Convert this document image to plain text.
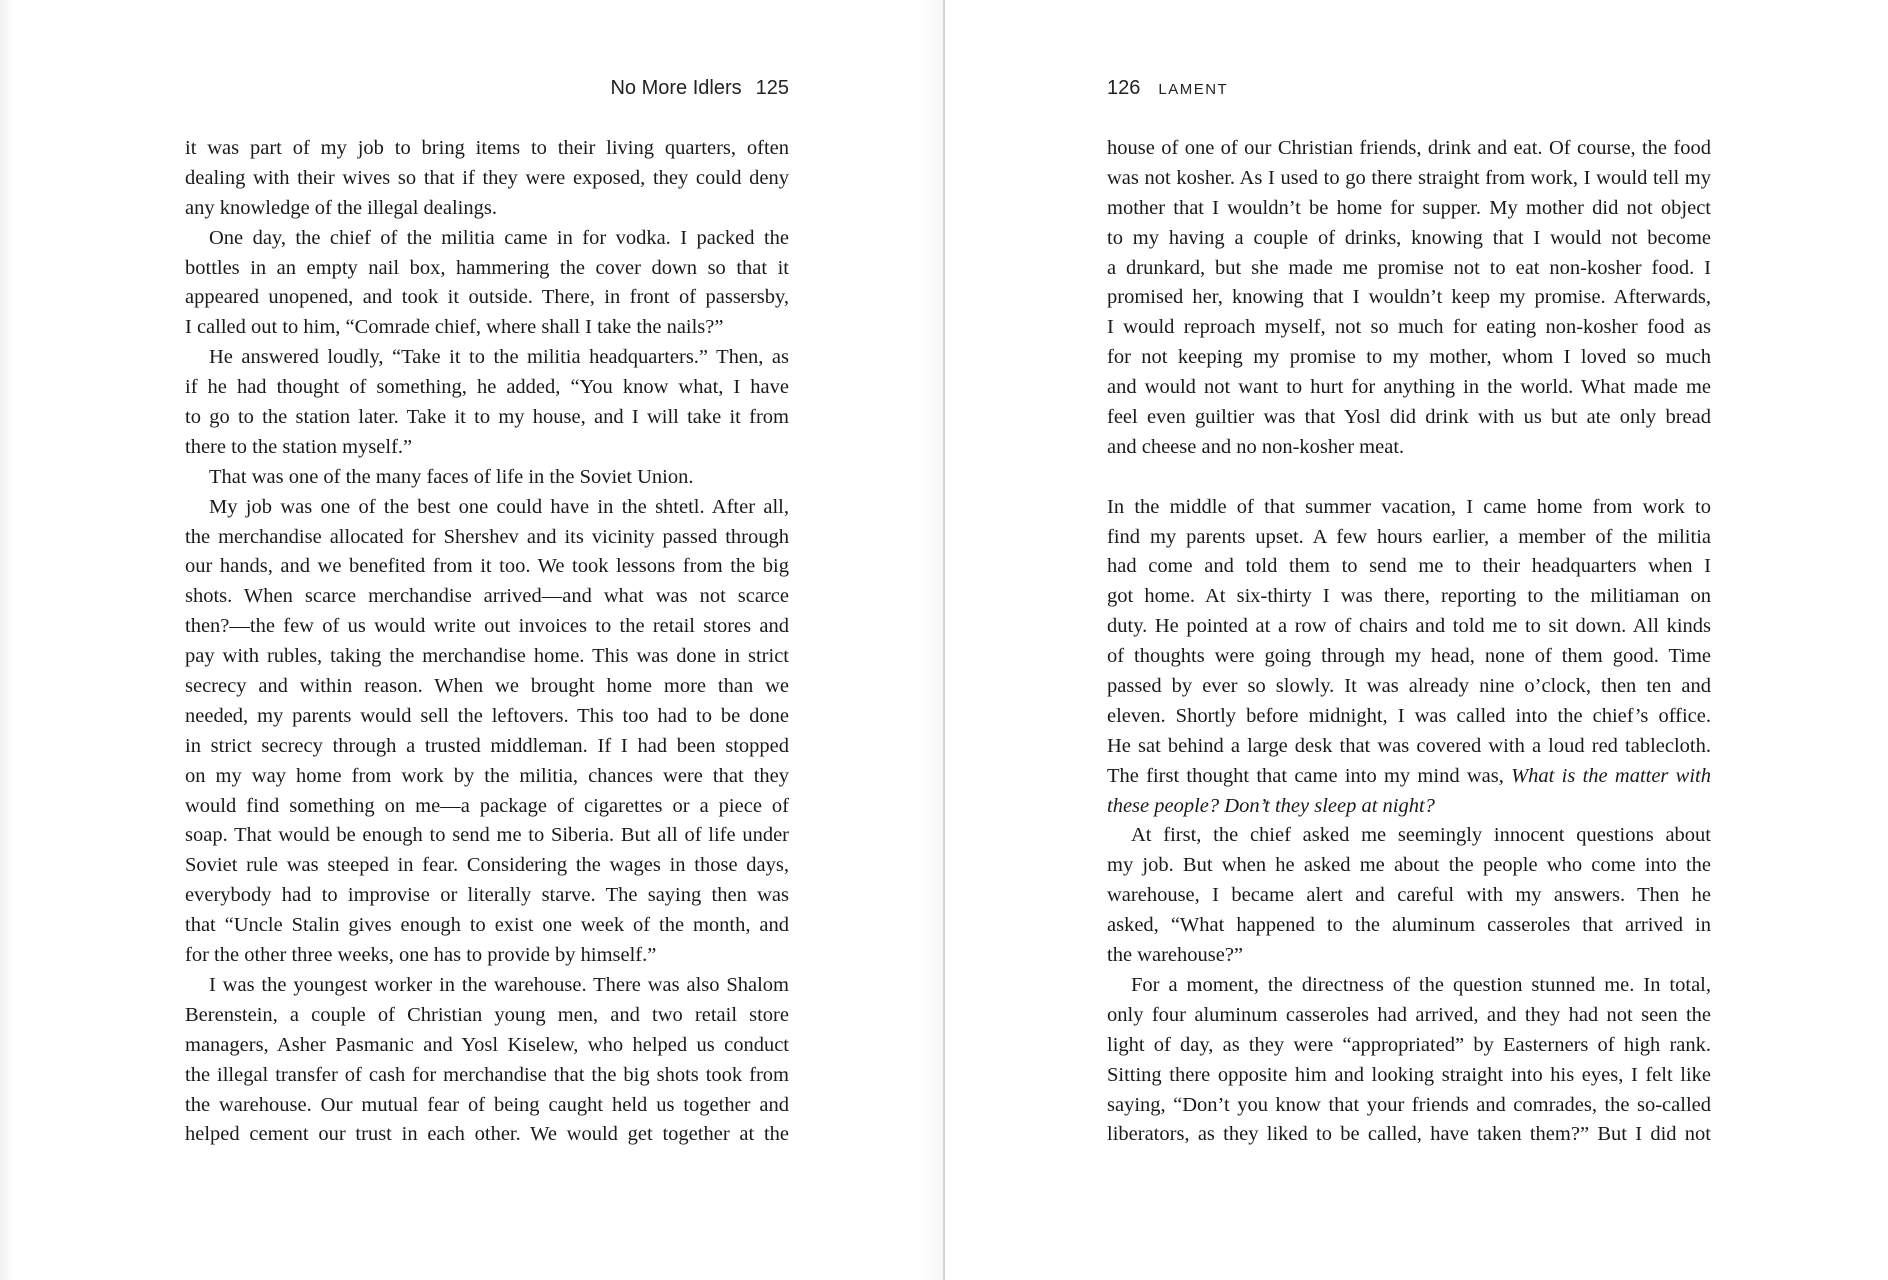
No More Idlers 125
it was part of my job to bring items to their living quarters, often
dealing with their wives so that if they were exposed, they could deny
any knowledge of the illegal dealings.
One day, the chief of the militia came in for vodka. I packed the
bottles in an empty nail box, hammering the cover down so that it
appeared unopened, and took it outside. There, in front of passersby,
I called out to him, “Comrade chief, where shall I take the nails?”
He answered loudly, “Take it to the militia headquarters.” Then, as
if he had thought of something, he added, “You know what, I have
to go to the station later. Take it to my house, and I will take it from
there to the station myself.”
That was one of the many faces of life in the Soviet Union.
My job was one of the best one could have in the shtetl. After all,
the merchandise allocated for Shershev and its vicinity passed through
our hands, and we benefited from it too. We took lessons from the big
shots. When scarce merchandise arrived—and what was not scarce
then?—the few of us would write out invoices to the retail stores and
pay with rubles, taking the merchandise home. This was done in strict
secrecy and within reason. When we brought home more than we
needed, my parents would sell the leftovers. This too had to be done
in strict secrecy through a trusted middleman. If I had been stopped
on my way home from work by the militia, chances were that they
would find something on me—a package of cigarettes or a piece of
soap. That would be enough to send me to Siberia. But all of life under
Soviet rule was steeped in fear. Considering the wages in those days,
everybody had to improvise or literally starve. The saying then was
that “Uncle Stalin gives enough to exist one week of the month, and
for the other three weeks, one has to provide by himself.”
I was the youngest worker in the warehouse. There was also Shalom
Berenstein, a couple of Christian young men, and two retail store
managers, Asher Pasmanic and Yosl Kiselew, who helped us conduct
the illegal transfer of cash for merchandise that the big shots took from
the warehouse. Our mutual fear of being caught held us together and
helped cement our trust in each other. We would get together at the
126 LAMENT
house of one of our Christian friends, drink and eat. Of course, the food
was not kosher. As I used to go there straight from work, I would tell my
mother that I wouldn’t be home for supper. My mother did not object
to my having a couple of drinks, knowing that I would not become
a drunkard, but she made me promise not to eat non-kosher food. I
promised her, knowing that I wouldn’t keep my promise. Afterwards,
I would reproach myself, not so much for eating non-kosher food as
for not keeping my promise to my mother, whom I loved so much
and would not want to hurt for anything in the world. What made me
feel even guiltier was that Yosl did drink with us but ate only bread
and cheese and no non-kosher meat.
In the middle of that summer vacation, I came home from work to
find my parents upset. A few hours earlier, a member of the militia
had come and told them to send me to their headquarters when I
got home. At six-thirty I was there, reporting to the militiaman on
duty. He pointed at a row of chairs and told me to sit down. All kinds
of thoughts were going through my head, none of them good. Time
passed by ever so slowly. It was already nine o’clock, then ten and
eleven. Shortly before midnight, I was called into the chief’s office.
He sat behind a large desk that was covered with a loud red tablecloth.
The first thought that came into my mind was, What is the matter with
these people? Don’t they sleep at night?
At first, the chief asked me seemingly innocent questions about
my job. But when he asked me about the people who come into the
warehouse, I became alert and careful with my answers. Then he
asked, “What happened to the aluminum casseroles that arrived in
the warehouse?”
For a moment, the directness of the question stunned me. In total,
only four aluminum casseroles had arrived, and they had not seen the
light of day, as they were “appropriated” by Easterners of high rank.
Sitting there opposite him and looking straight into his eyes, I felt like
saying, “Don’t you know that your friends and comrades, the so-called
liberators, as they liked to be called, have taken them?” But I did not
